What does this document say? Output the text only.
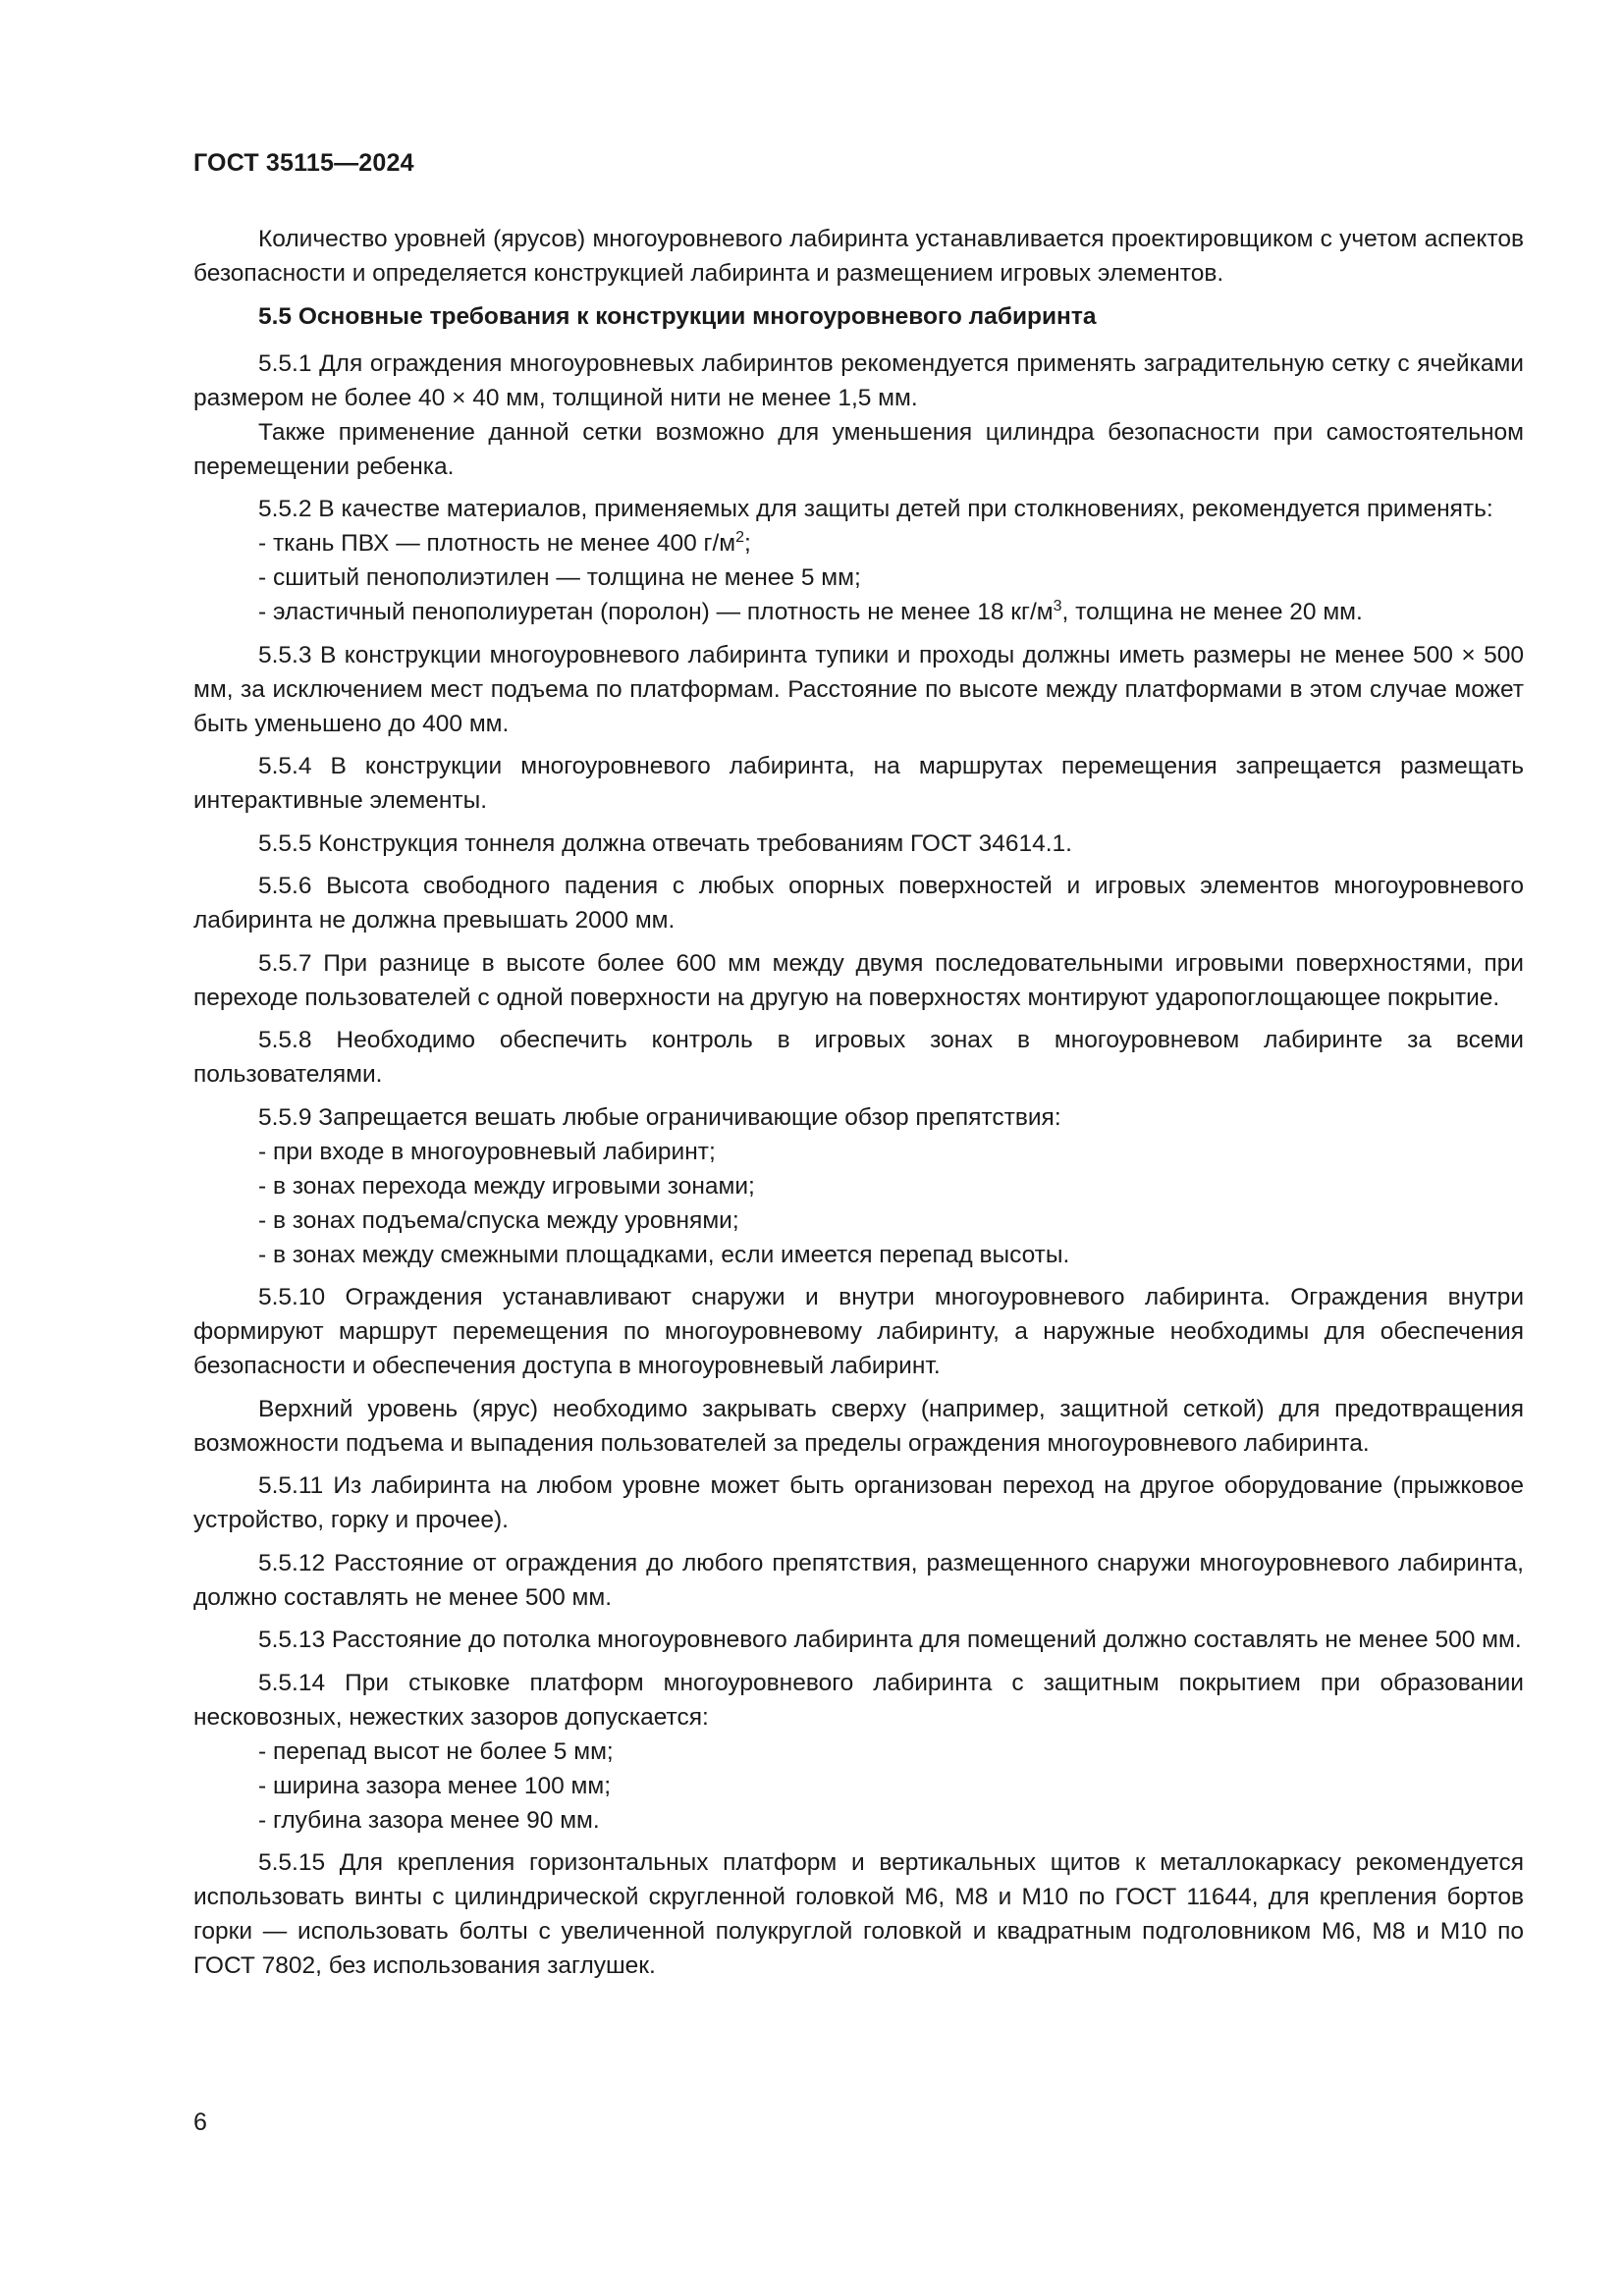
ГОСТ 35115—2024

Количество уровней (ярусов) многоуровневого лабиринта устанавливается проектировщиком с учетом аспектов безопасности и определяется конструкцией лабиринта и размещением игровых элементов.

5.5 Основные требования к конструкции многоуровневого лабиринта

5.5.1 Для ограждения многоуровневых лабиринтов рекомендуется применять заградительную сетку с ячейками размером не более 40 × 40 мм, толщиной нити не менее 1,5 мм.

Также применение данной сетки возможно для уменьшения цилиндра безопасности при самостоятельном перемещении ребенка.

5.5.2 В качестве материалов, применяемых для защиты детей при столкновениях, рекомендуется применять:

- ткань ПВХ — плотность не менее 400 $г/м^2$;
- сшитый пенополиэтилен — толщина не менее 5 мм;
- эластичный пенополиуретан (поролон) — плотность не менее 18 $кг/м^3$, толщина не менее 20 мм.

5.5.3 В конструкции многоуровневого лабиринта тупики и проходы должны иметь размеры не менее 500 × 500 мм, за исключением мест подъема по платформам. Расстояние по высоте между платформами в этом случае может быть уменьшено до 400 мм.

5.5.4 В конструкции многоуровневого лабиринта, на маршрутах перемещения запрещается размещать интерактивные элементы.

5.5.5 Конструкция тоннеля должна отвечать требованиям ГОСТ 34614.1.

5.5.6 Высота свободного падения с любых опорных поверхностей и игровых элементов многоуровневого лабиринта не должна превышать 2000 мм.

5.5.7 При разнице в высоте более 600 мм между двумя последовательными игровыми поверхностями, при переходе пользователей с одной поверхности на другую на поверхностях монтируют ударопоглощающее покрытие.

5.5.8 Необходимо обеспечить контроль в игровых зонах в многоуровневом лабиринте за всеми пользователями.

5.5.9 Запрещается вешать любые ограничивающие обзор препятствия:

- при входе в многоуровневый лабиринт;
- в зонах перехода между игровыми зонами;
- в зонах подъема/спуска между уровнями;
- в зонах между смежными площадками, если имеется перепад высоты.

5.5.10 Ограждения устанавливают снаружи и внутри многоуровневого лабиринта. Ограждения внутри формируют маршрут перемещения по многоуровневому лабиринту, а наружные необходимы для обеспечения безопасности и обеспечения доступа в многоуровневый лабиринт.

Верхний уровень (ярус) необходимо закрывать сверху (например, защитной сеткой) для предотвращения возможности подъема и выпадения пользователей за пределы ограждения многоуровневого лабиринта.

5.5.11 Из лабиринта на любом уровне может быть организован переход на другое оборудование (прыжковое устройство, горку и прочее).

5.5.12 Расстояние от ограждения до любого препятствия, размещенного снаружи многоуровневого лабиринта, должно составлять не менее 500 мм.

5.5.13 Расстояние до потолка многоуровневого лабиринта для помещений должно составлять не менее 500 мм.

5.5.14 При стыковке платформ многоуровневого лабиринта с защитным покрытием при образовании несковозных, нежестких зазоров допускается:

- перепад высот не более 5 мм;
- ширина зазора менее 100 мм;
- глубина зазора менее 90 мм.

5.5.15 Для крепления горизонтальных платформ и вертикальных щитов к металлокаркасу рекомендуется использовать винты с цилиндрической скругленной головкой М6, М8 и М10 по ГОСТ 11644, для крепления бортов горки — использовать болты с увеличенной полукруглой головкой и квадратным подголовником М6, М8 и М10 по ГОСТ 7802, без использования заглушек.

6
